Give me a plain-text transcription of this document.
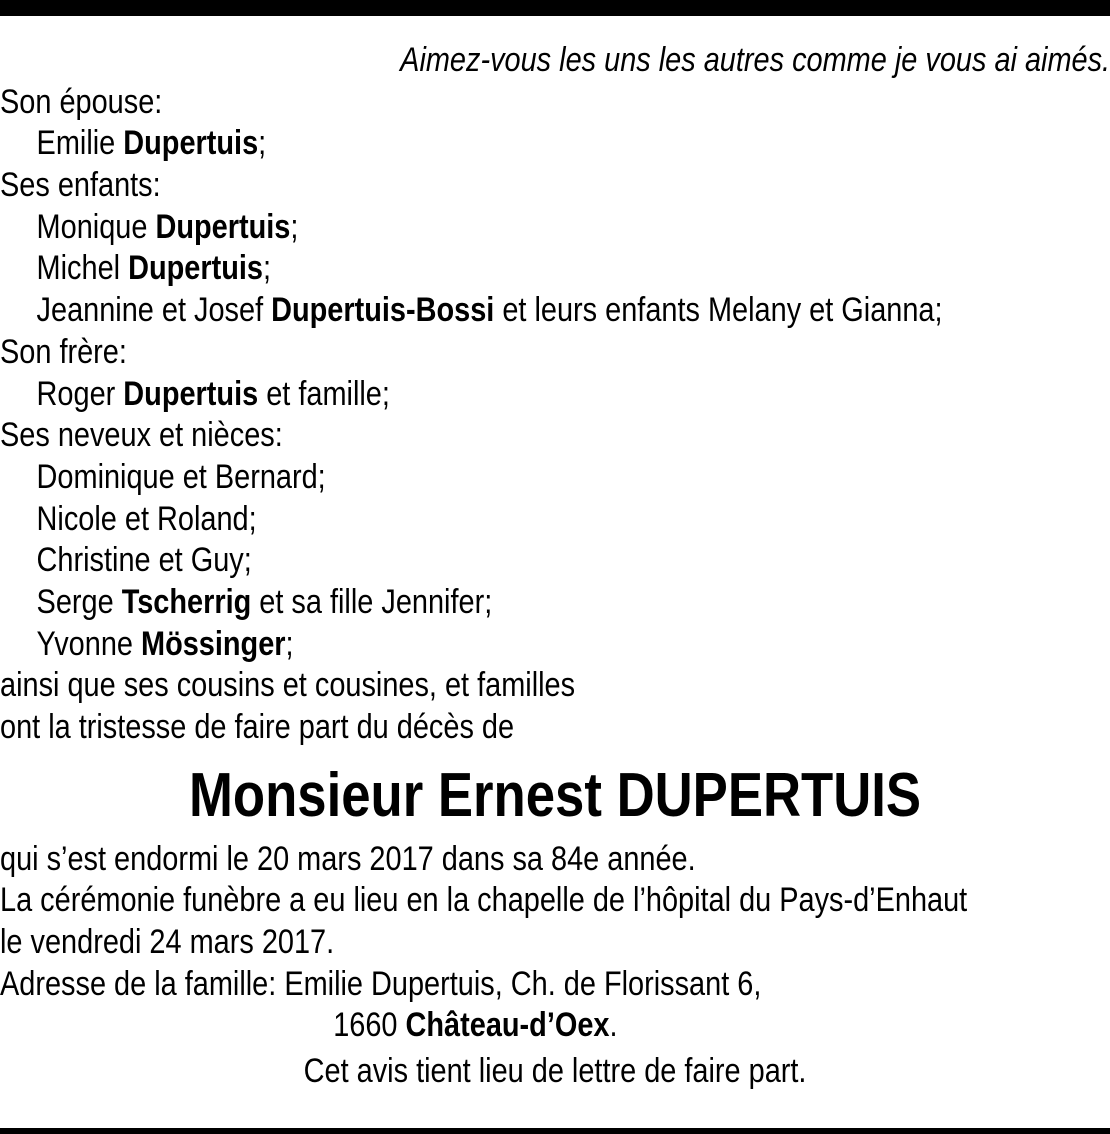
Aimez-vous les uns les autres comme je vous ai aimés.
Son épouse:
Emilie Dupertuis;
Ses enfants:
Monique Dupertuis;
Michel Dupertuis;
Jeannine et Josef Dupertuis-Bossi et leurs enfants Melany et Gianna;
Son frère:
Roger Dupertuis et famille;
Ses neveux et nièces:
Dominique et Bernard;
Nicole et Roland;
Christine et Guy;
Serge Tscherrig et sa fille Jennifer;
Yvonne Mössinger;
ainsi que ses cousins et cousines, et familles
ont la tristesse de faire part du décès de
Monsieur Ernest DUPERTUIS
qui s’est endormi le 20 mars 2017 dans sa 84e année.
La cérémonie funèbre a eu lieu en la chapelle de l’hôpital du Pays-d’Enhaut
le vendredi 24 mars 2017.
Adresse de la famille: Emilie Dupertuis, Ch. de Florissant 6,
1660 Château-d’Oex.
Cet avis tient lieu de lettre de faire part.
